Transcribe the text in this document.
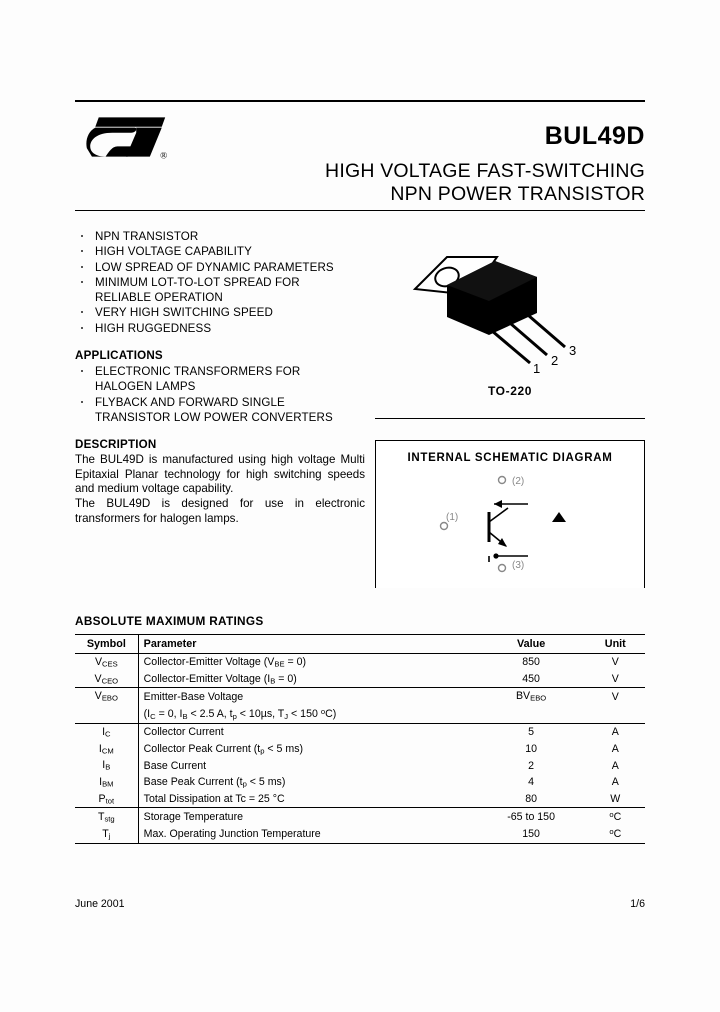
®
BUL49D
HIGH VOLTAGE FAST-SWITCHING
NPN POWER TRANSISTOR
NPN TRANSISTOR
HIGH VOLTAGE CAPABILITY
LOW SPREAD OF DYNAMIC PARAMETERS
MINIMUM LOT-TO-LOT SPREAD FOR
RELIABLE OPERATION
VERY HIGH SWITCHING SPEED
HIGH RUGGEDNESS
APPLICATIONS
ELECTRONIC TRANSFORMERS FOR
HALOGEN LAMPS
FLYBACK AND FORWARD SINGLE
TRANSISTOR LOW POWER CONVERTERS
DESCRIPTION

The BUL49D is manufactured using high voltage Multi Epitaxial Planar technology for high switching speeds and medium voltage capability.

The BUL49D is designed for use in electronic transformers for halogen lamps.

1
2
3
TO-220
INTERNAL SCHEMATIC DIAGRAM
(2)
(1)
(3)
ABSOLUTE MAXIMUM RATINGS
Symbol	Parameter	Value	Unit
$V_{CES}$	Collector-Emitter Voltage $(V_{BE} = 0)$	850	V
$V_{CEO}$	Collector-Emitter Voltage $(I_B = 0)$	450	V
$V_{EBO}$	Emitter-Base Voltage	$BV_{EBO}$	V
	($I_C = 0$, $I_B < 2.5$ A, $t_p < 10\mu s$, $T_J < 150$ $^o$C)		
$I_C$	Collector Current	5	A
$I_{CM}$	Collector Peak Current ($t_p < 5$ ms)	10	A
$I_B$	Base Current	2	A
$I_{BM}$	Base Peak Current ($t_p < 5$ ms)	4	A
$P_{tot}$	Total Dissipation at Tc = 25 °C	80	W
$T_{stg}$	Storage Temperature	-65 to 150	$^o$C
$T_j$	Max. Operating Junction Temperature	150	$^o$C
June 2001	1/6
